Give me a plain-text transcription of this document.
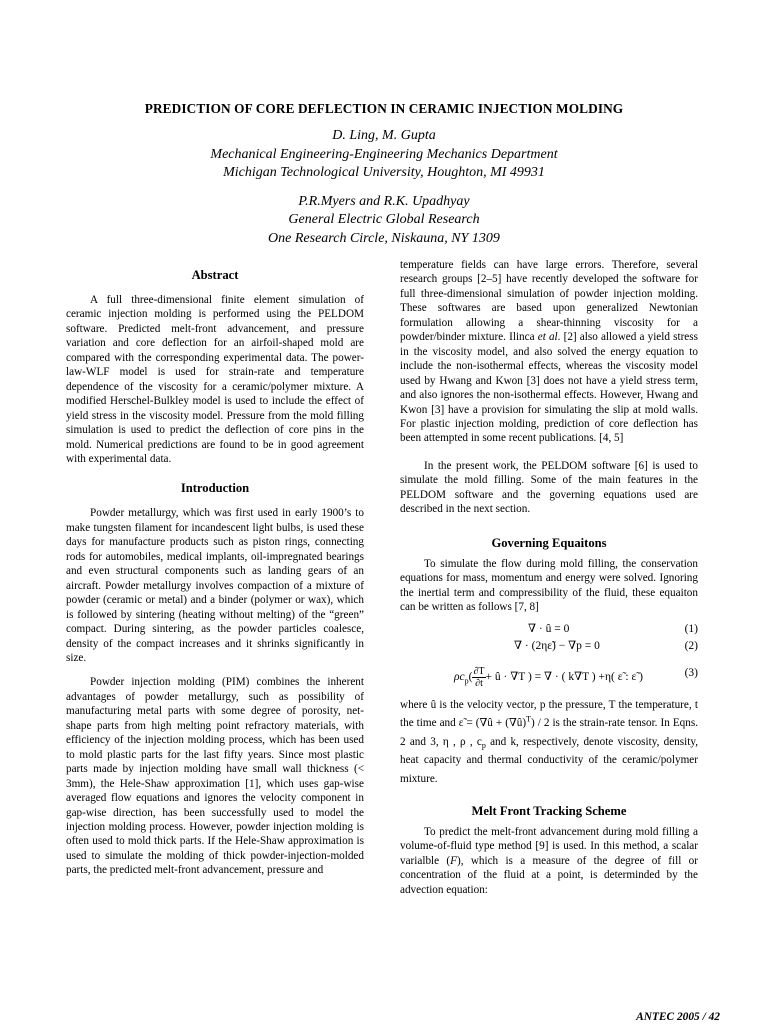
PREDICTION OF CORE DEFLECTION IN CERAMIC INJECTION MOLDING
D. Ling, M. Gupta
Mechanical Engineering-Engineering Mechanics Department
Michigan Technological University, Houghton, MI 49931
P.R.Myers and R.K. Upadhyay
General Electric Global Research
One Research Circle, Niskauna, NY 1309
Abstract

A full three-dimensional finite element simulation of ceramic injection molding is performed using the PELDOM software. Predicted melt-front advancement, and pressure variation and core deflection for an airfoil-shaped mold are compared with the corresponding experimental data. The power-law-WLF model is used for strain-rate and temperature dependence of the viscosity for a ceramic/polymer mixture. A modified Herschel-Bulkley model is used to include the effect of yield stress in the viscosity model. Pressure from the mold filling simulation is used to predict the deflection of core pins in the mold. Numerical predictions are found to be in good agreement with experimental data.

Introduction

Powder metallurgy, which was first used in early 1900’s to make tungsten filament for incandescent light bulbs, is used these days for manufacture products such as piston rings, connecting rods for automobiles, medical implants, oil-impregnated bearings and even structural components such as landing gears of an aircraft. Powder metallurgy involves compaction of a mixture of powder (ceramic or metal) and a binder (polymer or wax), which is followed by sintering (heating without melting) of the “green” compact. During sintering, as the powder particles coalesce, density of the compact increases and it shrinks significantly in size.

Powder injection molding (PIM) combines the inherent advantages of powder metallurgy, such as possibility of manufacturing metal parts with some degree of porosity, net-shape parts from high melting point refractory materials, with efficiency of the injection molding process, which has been used to mold plastic parts for the last fifty years. Since most plastic parts made by injection molding have small wall thickness (< 3mm), the Hele-Shaw approximation [1], which uses gap-wise averaged flow equations and ignores the velocity component in gap-wise direction, has been successfully used to model the injection molding process. However, powder injection molding is often used to mold thick parts. If the Hele-Shaw approximation is used to simulate the molding of thick powder-injection-molded parts, the predicted melt-front advancement, pressure and

temperature fields can have large errors. Therefore, several research groups [2–5] have recently developed the software for full three-dimensional simulation of powder injection molding. These softwares are based upon generalized Newtonian formulation allowing a shear-thinning viscosity for a powder/binder mixture. Ilinca et al. [2] also allowed a yield stress in the viscosity model, and also solved the energy equation to include the non-isothermal effects, whereas the viscosity model used by Hwang and Kwon [3] does not have a yield stress term, and also ignores the non-isothermal effects. However, Hwang and Kwon [3] have a provision for simulating the slip at mold walls. For plastic injection molding, prediction of core deflection has been attempted in some recent publications. [4, 5]

In the present work, the PELDOM software [6] is used to simulate the mold filling. Some of the main features in the PELDOM software and the governing equations used are described in the next section.

Governing Equaitons

To simulate the flow during mold filling, the conservation equations for mass, momentum and energy were solved. Ignoring the inertial term and compressibility of the fluid, these equaiton can be written as follows [7, 8]

∇ · û = 0	(1)
∇ · (2ηε̃) − ∇p = 0	(2)
$\rho c_p( \frac{\partial T}{\partial t}$ + û · ∇T ) = ∇ · ( k∇T ) +η( ε̃ : ε̃ )	(3)

where û is the velocity vector, p the pressure, T the temperature, t the time and ε̃ = (∇û + (∇û)$^T$) / 2 is the strain-rate tensor. In Eqns. 2 and 3, η , ρ , $c_p$ and k, respectively, denote viscosity, density, heat capacity and thermal conductivity of the ceramic/polymer mixture.

Melt Front Tracking Scheme

To predict the melt-front advancement during mold filling a volume-of-fluid type method [9] is used. In this method, a scalar varialble (F), which is a measure of the degree of fill or concentration of the fluid at a point, is determinded by the advection equation:

ANTEC 2005 / 42
